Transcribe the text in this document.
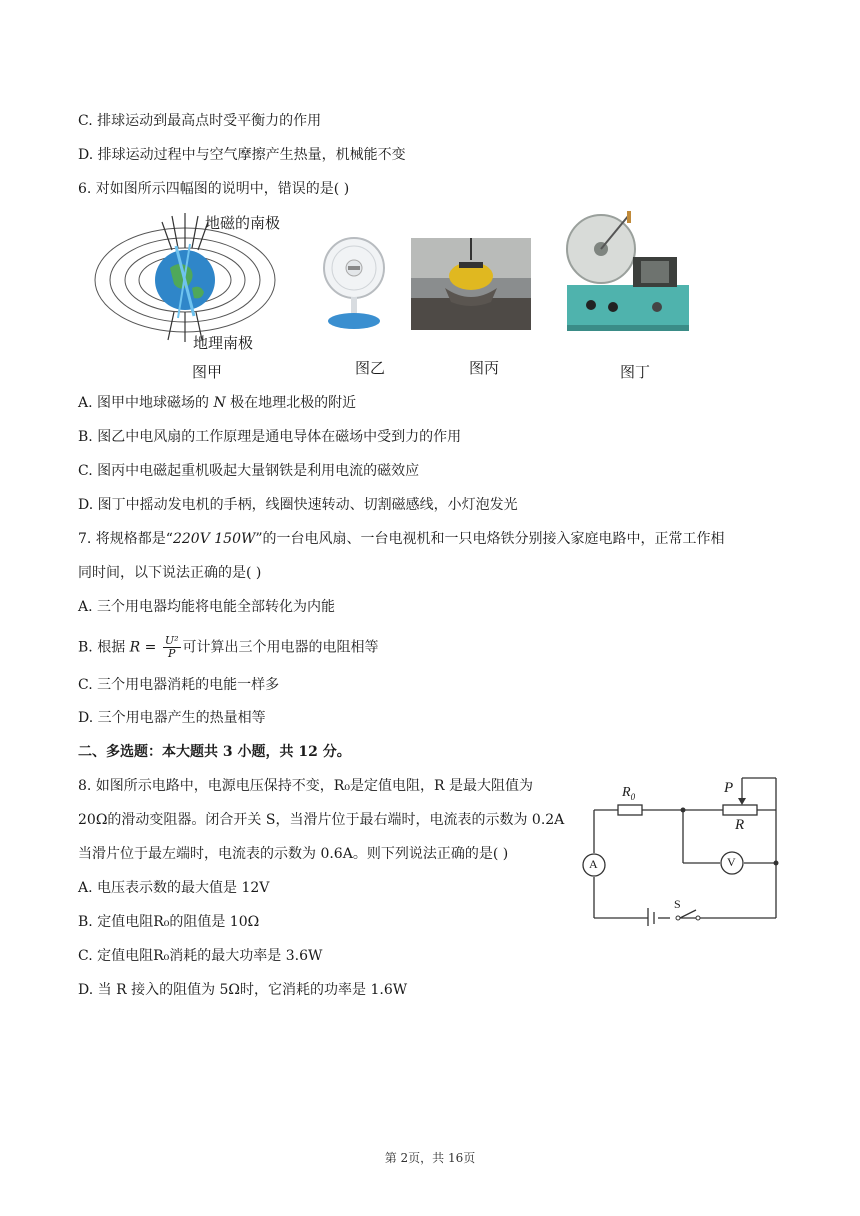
C. 排球运动到最高点时受平衡力的作用
D. 排球运动过程中与空气摩擦产生热量，机械能不变
6. 对如图所示四幅图的说明中，错误的是( )
地磁的南极
地理南极
图甲	图乙	图丙	图丁
A. 图甲中地球磁场的 N 极在地理北极的附近
B. 图乙中电风扇的工作原理是通电导体在磁场中受到力的作用
C. 图丙中电磁起重机吸起大量钢铁是利用电流的磁效应
D. 图丁中摇动发电机的手柄，线圈快速转动、切割磁感线，小灯泡发光
7. 将规格都是“220V 150W”的一台电风扇、一台电视机和一只电烙铁分别接入家庭电路中，正常工作相
同时间，以下说法正确的是( )
A. 三个用电器均能将电能全部转化为内能
B. 根据 $R = \frac{\text{U²}}{P}$ 可计算出三个用电器的电阻相等
C. 三个用电器消耗的电能一样多
D. 三个用电器产生的热量相等
二、多选题：本大题共 3 小题，共 12 分。
8. 如图所示电路中，电源电压保持不变，R₀是定值电阻，R 是最大阻值为
20Ω的滑动变阻器。闭合开关 S，当滑片位于最右端时，电流表的示数为 0.2A
当滑片位于最左端时，电流表的示数为 0.6A。则下列说法正确的是( )
A. 电压表示数的最大值是 12V
B. 定值电阻R₀的阻值是 10Ω
C. 定值电阻R₀消耗的最大功率是 3.6W
D. 当 R 接入的阻值为 5Ω时，它消耗的功率是 1.6W
$R_0$
P
R
A	V
S
第 2页，共 16页
